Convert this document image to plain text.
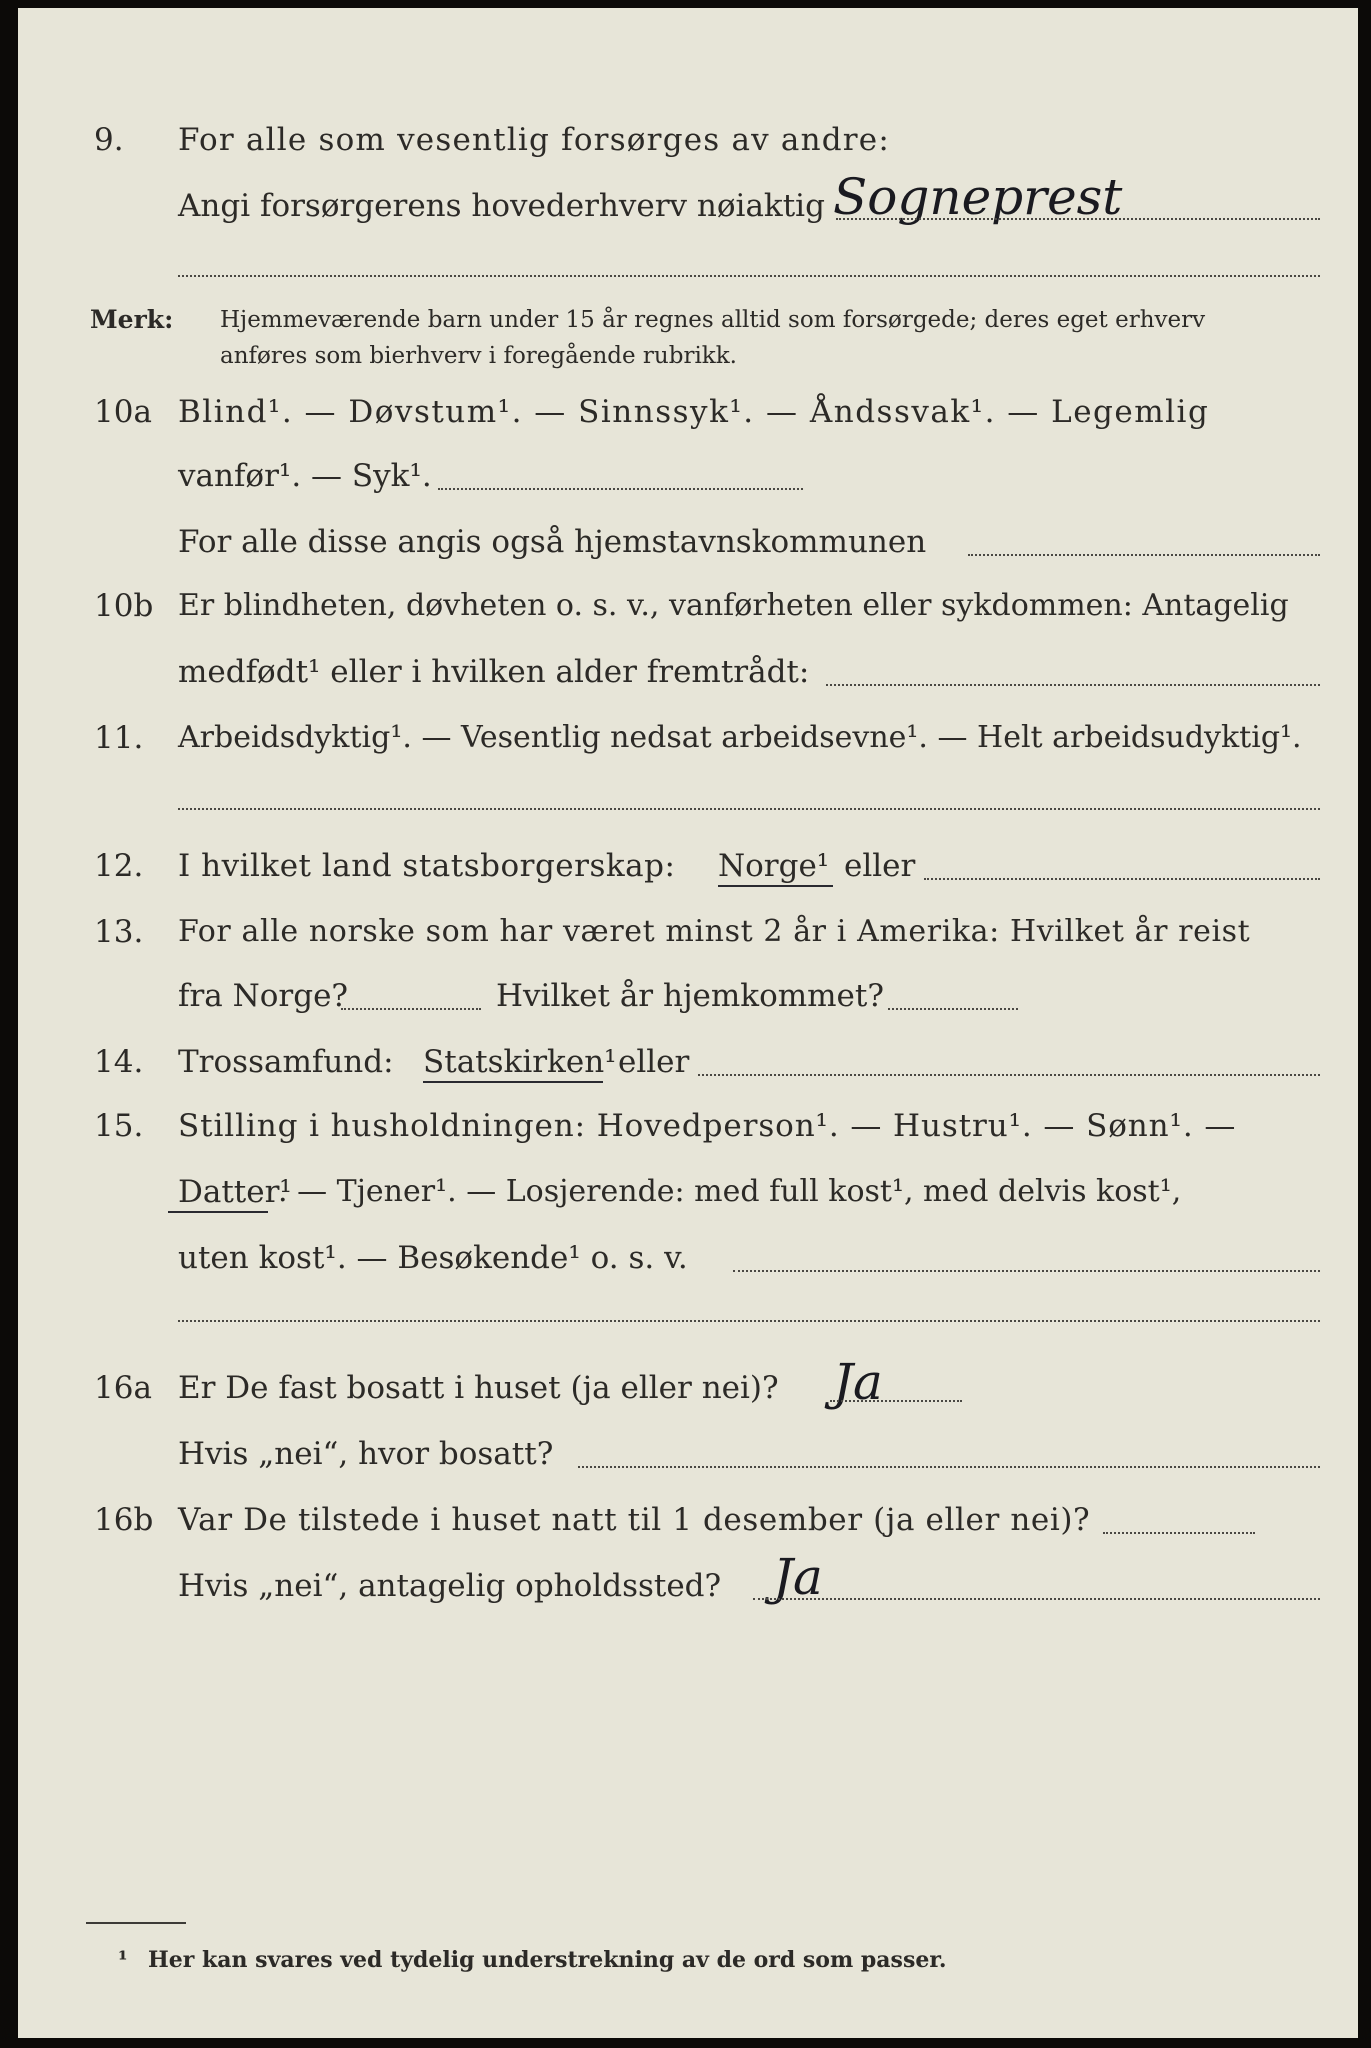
9. For alle som vesentlig forsørges av andre:
Angi forsørgerens hovederhverv nøiaktig Sogneprest
Merk: Hjemmeværende barn under 15 år regnes alltid som forsørgede; deres eget erhverv
anføres som bierhverv i foregående rubrikk.
10a Blind¹. — Døvstum¹. — Sinnssyk¹. — Åndssvak¹. — Legemlig
vanfør¹. — Syk¹.
For alle disse angis også hjemstavnskommunen
10b Er blindheten, døvheten o. s. v., vanførheten eller sykdommen: Antagelig
medfødt¹ eller i hvilken alder fremtrådt:
11. Arbeidsdyktig¹. — Vesentlig nedsat arbeidsevne¹. — Helt arbeidsudyktig¹.
12. I hvilket land statsborgerskap: Norge¹ eller
13. For alle norske som har været minst 2 år i Amerika: Hvilket år reist
fra Norge?	Hvilket år hjemkommet?
14. Trossamfund: Statskirken¹ eller
15. Stilling i husholdningen: Hovedperson¹. — Hustru¹. — Sønn¹. —
Datter¹
. — Tjener¹. — Losjerende: med full kost¹, med delvis kost¹,
uten kost¹. — Besøkende¹ o. s. v.
16a Er De fast bosatt i huset (ja eller nei)? Ja
Hvis „nei“, hvor bosatt?
16b Var De tilstede i huset natt til 1 desember (ja eller nei)?
Hvis „nei“, antagelig opholdssted? Ja
¹ Her kan svares ved tydelig understrekning av de ord som passer.
